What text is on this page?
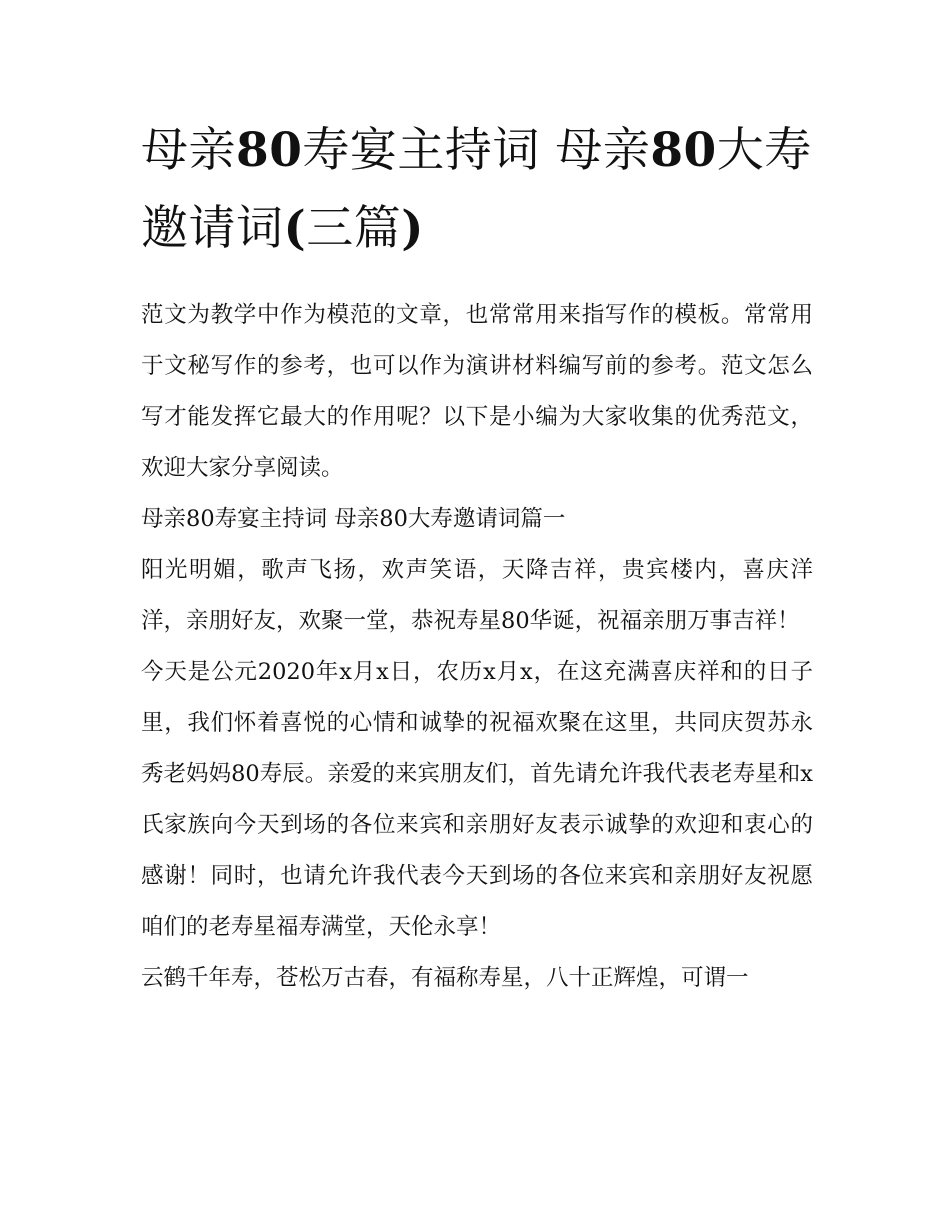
母亲80寿宴主持词 母亲80大寿邀请词(三篇)

范文为教学中作为模范的文章，也常常用来指写作的模板。常常用于文秘写作的参考，也可以作为演讲材料编写前的参考。范文怎么写才能发挥它最大的作用呢？以下是小编为大家收集的优秀范文，欢迎大家分享阅读。

母亲80寿宴主持词 母亲80大寿邀请词篇一

阳光明媚，歌声飞扬，欢声笑语，天降吉祥，贵宾楼内，喜庆洋洋，亲朋好友，欢聚一堂，恭祝寿星80华诞，祝福亲朋万事吉祥！

今天是公元2020年x月x日，农历x月x，在这充满喜庆祥和的日子里，我们怀着喜悦的心情和诚挚的祝福欢聚在这里，共同庆贺苏永秀老妈妈80寿辰。亲爱的来宾朋友们，首先请允许我代表老寿星和x氏家族向今天到场的各位来宾和亲朋好友表示诚挚的欢迎和衷心的感谢！同时，也请允许我代表今天到场的各位来宾和亲朋好友祝愿咱们的老寿星福寿满堂，天伦永享！

云鹤千年寿，苍松万古春，有福称寿星，八十正辉煌，可谓一
